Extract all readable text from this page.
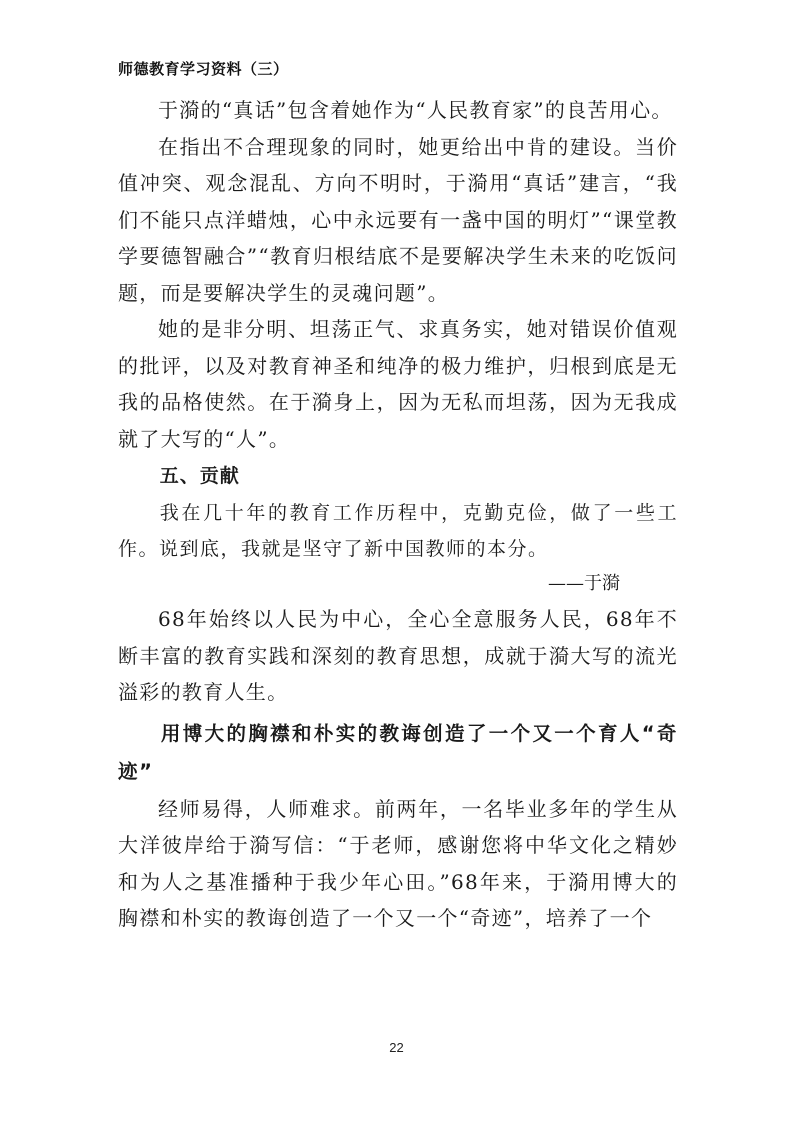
师德教育学习资料（三）

于漪的“真话”包含着她作为“人民教育家”的良苦用心。

在指出不合理现象的同时，她更给出中肯的建设。当价值冲突、观念混乱、方向不明时，于漪用“真话”建言，“我们不能只点洋蜡烛，心中永远要有一盏中国的明灯”“课堂教学要德智融合”“教育归根结底不是要解决学生未来的吃饭问题，而是要解决学生的灵魂问题”。

她的是非分明、坦荡正气、求真务实，她对错误价值观的批评，以及对教育神圣和纯净的极力维护，归根到底是无我的品格使然。在于漪身上，因为无私而坦荡，因为无我成就了大写的“人”。

五、贡献

我在几十年的教育工作历程中，克勤克俭，做了一些工作。说到底，我就是坚守了新中国教师的本分。

——于漪

68年始终以人民为中心，全心全意服务人民，68年不断丰富的教育实践和深刻的教育思想，成就于漪大写的流光溢彩的教育人生。

用博大的胸襟和朴实的教诲创造了一个又一个育人“奇迹”

经师易得，人师难求。前两年，一名毕业多年的学生从大洋彼岸给于漪写信：“于老师，感谢您将中华文化之精妙和为人之基准播种于我少年心田。”68年来，于漪用博大的胸襟和朴实的教诲创造了一个又一个“奇迹”，培养了一个

22
